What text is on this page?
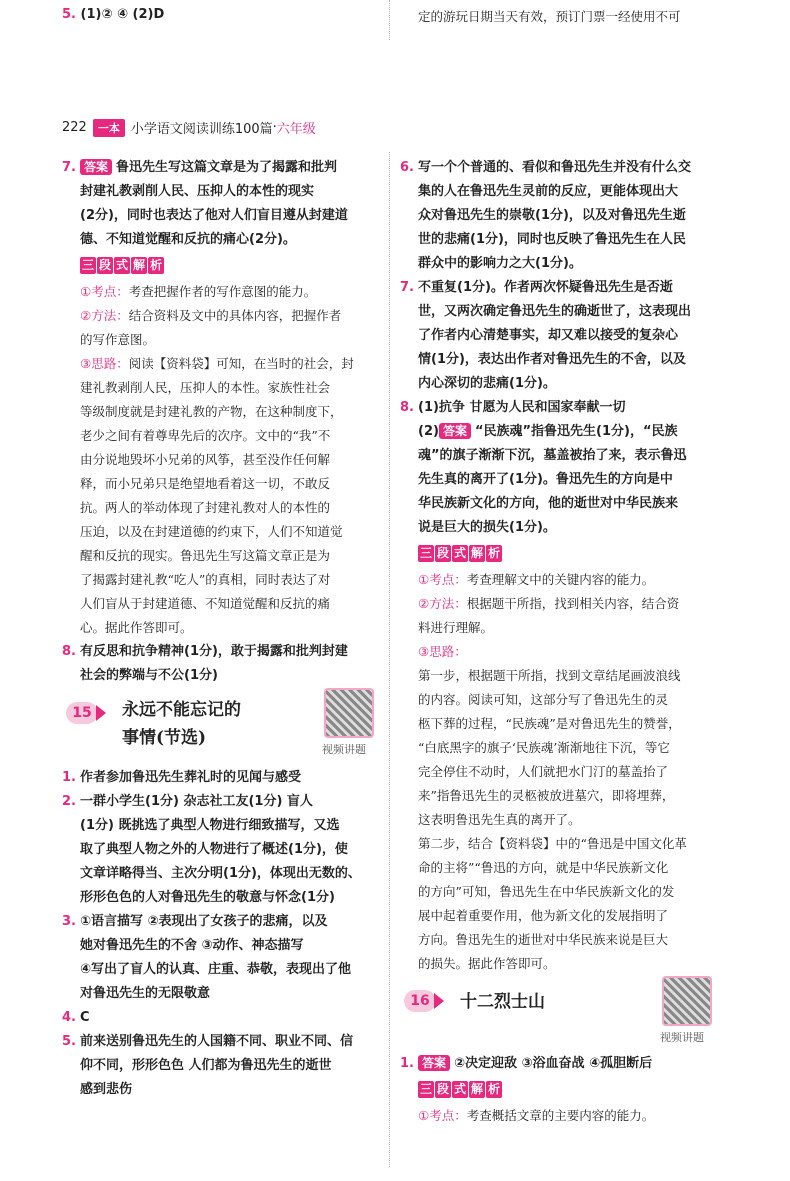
5. (1)② ④ (2)D	定的游玩日期当天有效，预订门票一经使用不可
222	一本 小学语文阅读训练100篇 · 六年级
7. 答案 鲁迅先生写这篇文章是为了揭露和批判
封建礼教剥削人民、压抑人的本性的现实
(2分)，同时也表达了他对人们盲目遵从封建道
德、不知道觉醒和反抗的痛心(2分)。
三 段 式 解 析
①考点：考查把握作者的写作意图的能力。
②方法：结合资料及文中的具体内容，把握作者
的写作意图。
③思路：阅读【资料袋】可知，在当时的社会，封
建礼教剥削人民，压抑人的本性。家族性社会
等级制度就是封建礼教的产物，在这种制度下，
老少之间有着尊卑先后的次序。文中的“我”不
由分说地毁坏小兄弟的风筝，甚至没作任何解
释，而小兄弟只是绝望地看着这一切，不敢反
抗。两人的举动体现了封建礼教对人的本性的
压迫，以及在封建道德的约束下，人们不知道觉
醒和反抗的现实。鲁迅先生写这篇文章正是为
了揭露封建礼教“吃人”的真相，同时表达了对
人们盲从于封建道德、不知道觉醒和反抗的痛
心。据此作答即可。
8. 有反思和抗争精神(1分)，敢于揭露和批判封建
社会的弊端与不公(1分)
15	永远不能忘记的
事情(节选)
视频讲题
1. 作者参加鲁迅先生葬礼时的见闻与感受
2. 一群小学生(1分) 杂志社工友(1分) 盲人
(1分) 既挑选了典型人物进行细致描写，又选
取了典型人物之外的人物进行了概述(1分)，使
文章详略得当、主次分明(1分)，体现出无数的、
形形色色的人对鲁迅先生的敬意与怀念(1分)
3. ①语言描写 ②表现出了女孩子的悲痛，以及
她对鲁迅先生的不舍 ③动作、神态描写
④写出了盲人的认真、庄重、恭敬，表现出了他
对鲁迅先生的无限敬意
4. C
5. 前来送别鲁迅先生的人国籍不同、职业不同、信
仰不同，形形色色 人们都为鲁迅先生的逝世
感到悲伤
6. 写一个个普通的、看似和鲁迅先生并没有什么交
集的人在鲁迅先生灵前的反应，更能体现出大
众对鲁迅先生的崇敬(1分)，以及对鲁迅先生逝
世的悲痛(1分)，同时也反映了鲁迅先生在人民
群众中的影响力之大(1分)。
7. 不重复(1分)。作者两次怀疑鲁迅先生是否逝
世，又两次确定鲁迅先生的确逝世了，这表现出
了作者内心清楚事实，却又难以接受的复杂心
情(1分)，表达出作者对鲁迅先生的不舍，以及
内心深切的悲痛(1分)。
8. (1)抗争 甘愿为人民和国家奉献一切
(2) 答案 “民族魂”指鲁迅先生(1分)，“民族
魂”的旗子渐渐下沉，墓盖被抬了来，表示鲁迅
先生真的离开了(1分)。鲁迅先生的方向是中
华民族新文化的方向，他的逝世对中华民族来
说是巨大的损失(1分)。
三 段 式 解 析
①考点：考查理解文中的关键内容的能力。
②方法：根据题干所指，找到相关内容，结合资
料进行理解。
③思路：
第一步，根据题干所指，找到文章结尾画波浪线
的内容。阅读可知，这部分写了鲁迅先生的灵
柩下葬的过程，“民族魂”是对鲁迅先生的赞誉，
“白底黑字的旗子‘民族魂’渐渐地往下沉，等它
完全停住不动时，人们就把水门汀的墓盖抬了
来”指鲁迅先生的灵柩被放进墓穴，即将埋葬，
这表明鲁迅先生真的离开了。
第二步，结合【资料袋】中的“鲁迅是中国文化革
命的主将”“鲁迅的方向，就是中华民族新文化
的方向”可知，鲁迅先生在中华民族新文化的发
展中起着重要作用，他为新文化的发展指明了
方向。鲁迅先生的逝世对中华民族来说是巨大
的损失。据此作答即可。
16	十二烈士山
视频讲题
1. 答案 ②决定迎敌 ③浴血奋战 ④孤胆断后
三 段 式 解 析
①考点：考查概括文章的主要内容的能力。
